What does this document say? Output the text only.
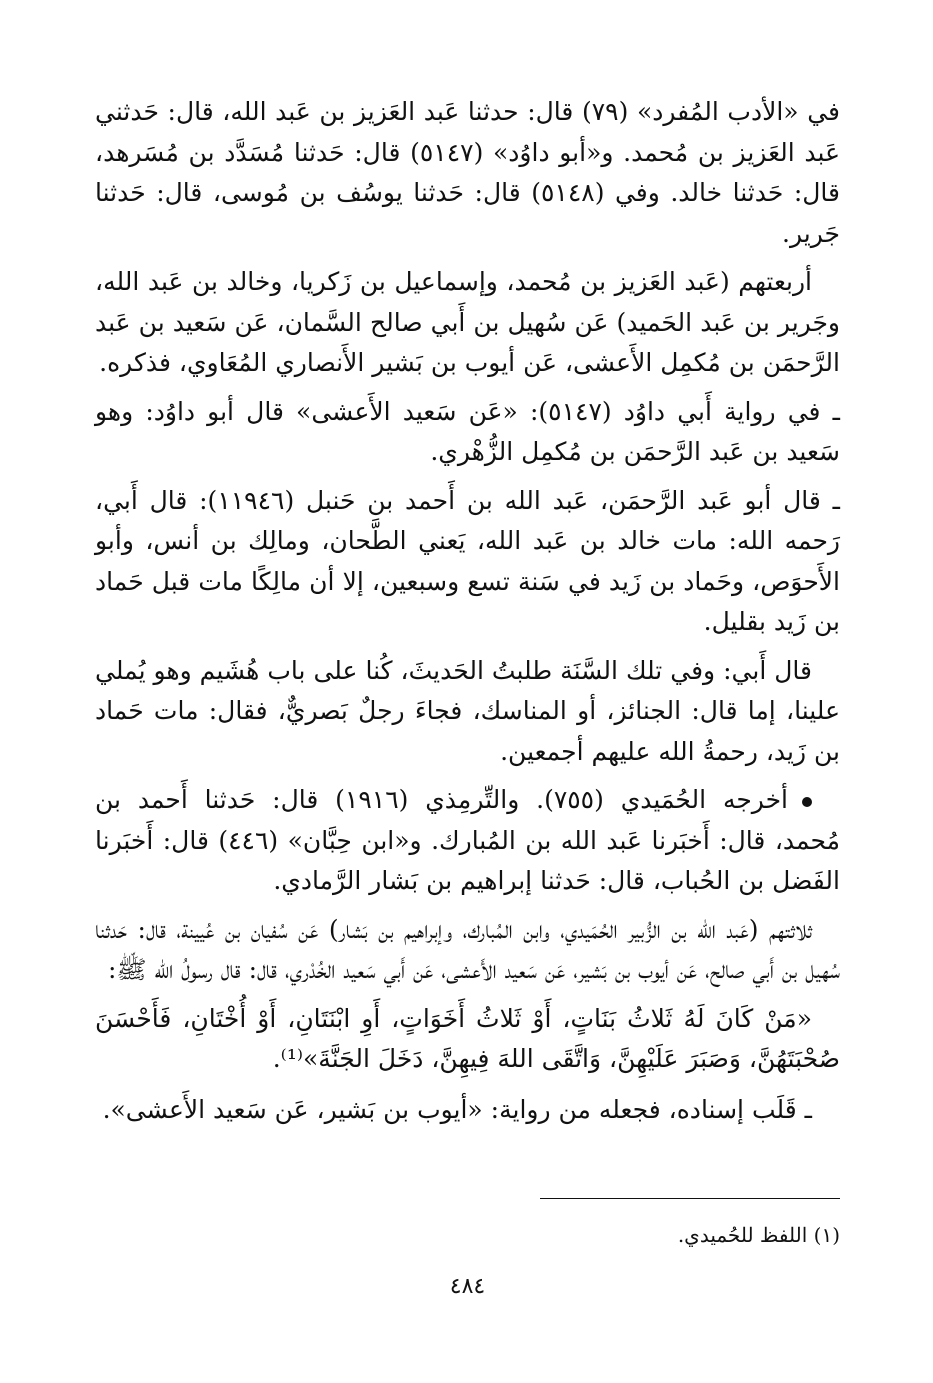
في «الأدب المُفرد» (٧٩) قال: حدثنا عَبد العَزيز بن عَبد الله، قال: حَدثني عَبد العَزيز بن مُحمد. و«أبو داوُد» (٥١٤٧) قال: حَدثنا مُسَدَّد بن مُسَرهد، قال: حَدثنا خالد. وفي (٥١٤٨) قال: حَدثنا يوسُف بن مُوسى، قال: حَدثنا جَرير.

أربعتهم (عَبد العَزيز بن مُحمد، وإسماعيل بن زَكريا، وخالد بن عَبد الله، وجَرير بن عَبد الحَميد) عَن سُهيل بن أَبي صالح السَّمان، عَن سَعيد بن عَبد الرَّحمَن بن مُكمِل الأَعشى، عَن أيوب بن بَشير الأَنصاري المُعَاوي، فذكره.

ـ في رواية أَبي داوُد (٥١٤٧): «عَن سَعيد الأَعشى» قال أبو داوُد: وهو سَعيد بن عَبد الرَّحمَن بن مُكمِل الزُّهْري.

ـ قال أبو عَبد الرَّحمَن، عَبد الله بن أَحمد بن حَنبل (١١٩٤٦): قال أَبي، رَحمه الله: مات خالد بن عَبد الله، يَعني الطَّحان، ومالِك بن أنس، وأبو الأَحوَص، وحَماد بن زَيد في سَنة تسع وسبعين، إلا أن مالِكًا مات قبل حَماد بن زَيد بقليل.

قال أَبي: وفي تلك السَّنَة طلبتُ الحَديثَ، كُنا على باب هُشَيم وهو يُملي علينا، إما قال: الجنائز، أو المناسك، فجاءَ رجلٌ بَصريٌّ، فقال: مات حَماد بن زَيد، رحمةُ الله عليهم أجمعين.

أخرجه الحُمَيدي (٧٥٥). والتِّرمِذي (١٩١٦) قال: حَدثنا أَحمد بن مُحمد، قال: أَخبَرنا عَبد الله بن المُبارك. و«ابن حِبَّان» (٤٤٦) قال: أَخبَرنا الفَضل بن الحُباب، قال: حَدثنا إبراهيم بن بَشار الرَّمادي.

ثلاثتهم (عَبد الله بن الزُّبير الحُمَيدي، وابن المُبارك، وإبراهيم بن بَشار) عَن سُفيان بن عُيينة، قال: حَدثنا سُهيل بن أَبي صالح، عَن أيوب بن بَشير، عَن سَعيد الأَعشى، عَن أَبي سَعيد الخُدْري، قال: قال رسولُ الله ﷺ:

«مَنْ كَانَ لَهُ ثَلاثُ بَنَاتٍ، أَوْ ثَلاثُ أَخَوَاتٍ، أَوِ ابْنَتَانِ، أَوْ أُخْتَانِ، فَأَحْسَنَ صُحْبَتَهُنَّ، وَصَبَرَ عَلَيْهِنَّ، وَاتَّقَى اللهَ فِيهِنَّ، دَخَلَ الجَنَّةَ»⁽¹⁾.

ـ قَلَب إسناده، فجعله من رواية: «أيوب بن بَشير، عَن سَعيد الأَعشى».

(١) اللفظ للحُميدي.
٤٨٤
